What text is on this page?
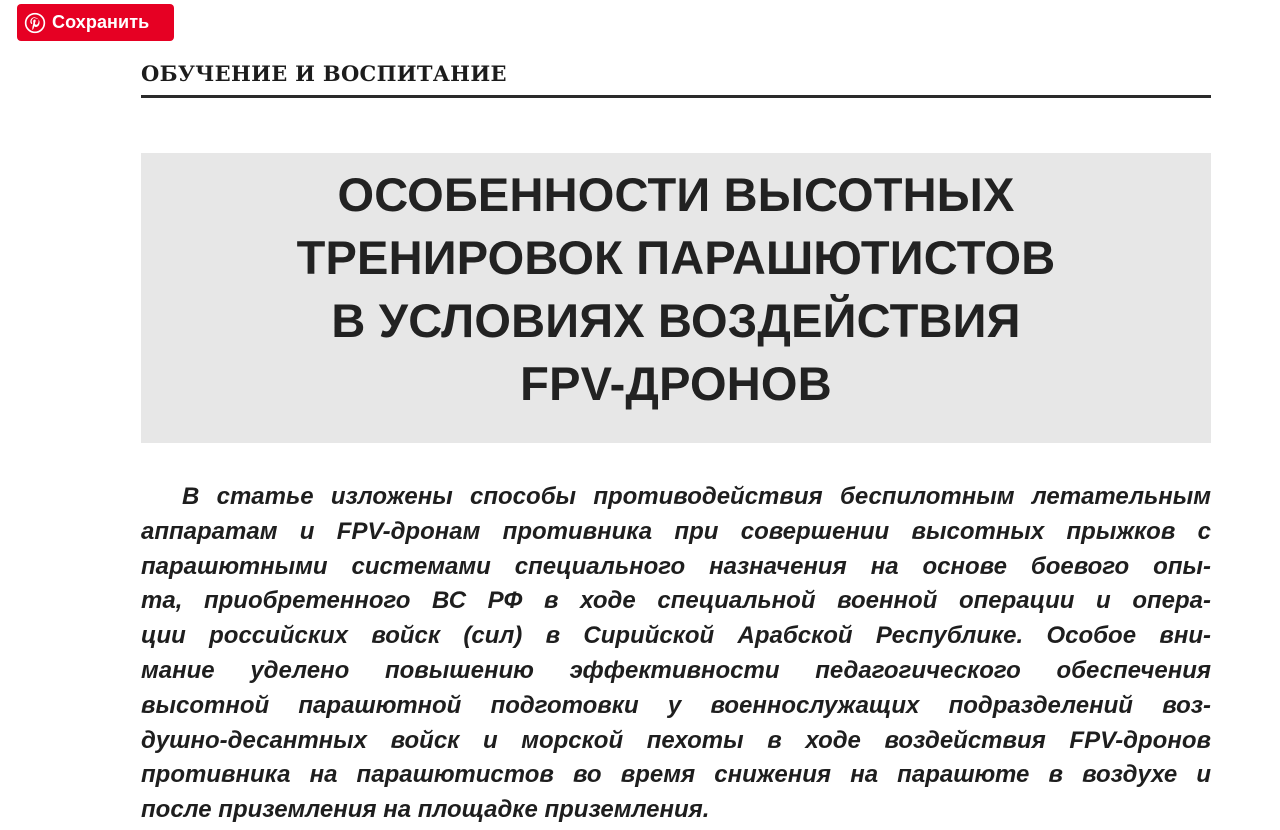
Сохранить
ОБУЧЕНИЕ И ВОСПИТАНИЕ
ОСОБЕННОСТИ ВЫСОТНЫХ
ТРЕНИРОВОК ПАРАШЮТИСТОВ
В УСЛОВИЯХ ВОЗДЕЙСТВИЯ
FPV-ДРОНОВ
В статье изложены способы противодействия беспилотным летательным
аппаратам и FPV-дронам противника при совершении высотных прыжков с
парашютными системами специального назначения на основе боевого опы-
та, приобретенного ВС РФ в ходе специальной военной операции и опера-
ции российских войск (сил) в Сирийской Арабской Республике. Особое вни-
мание уделено повышению эффективности педагогического обеспечения
высотной парашютной подготовки у военнослужащих подразделений воз-
душно-десантных войск и морской пехоты в ходе воздействия FPV-дронов
противника на парашютистов во время снижения на парашюте в воздухе и
после приземления на площадке приземления.
